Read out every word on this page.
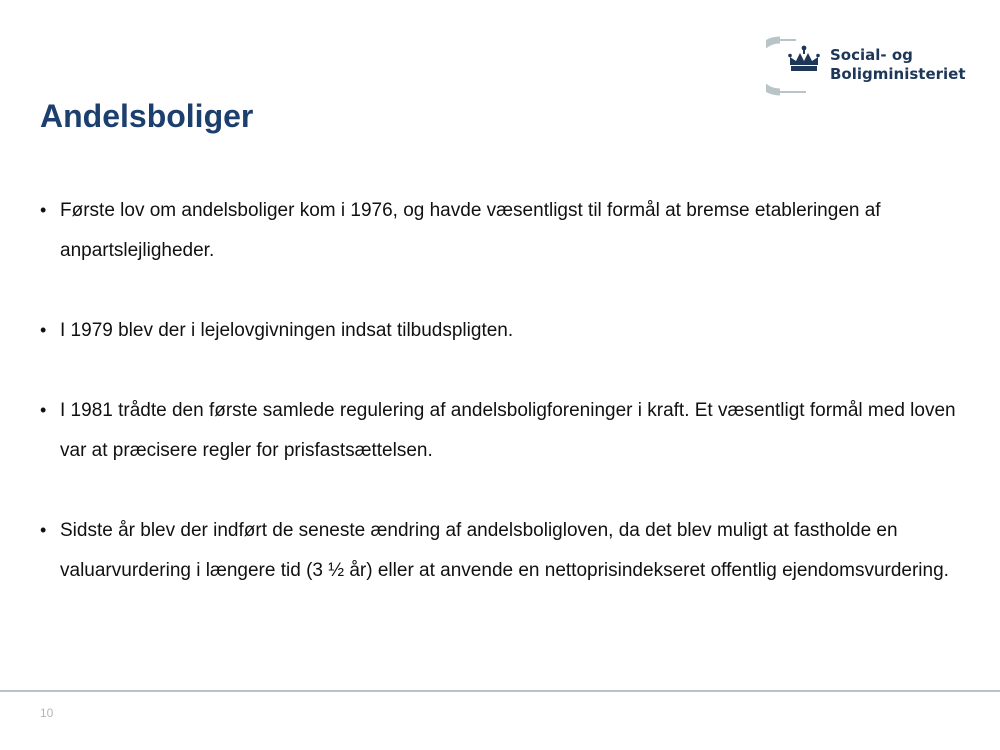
Social- og
Boligministeriet
Andelsboliger
• Første lov om andelsboliger kom i 1976, og havde væsentligst til formål at bremse etableringen af anpartslejligheder.
• I 1979 blev der i lejelovgivningen indsat tilbudspligten.
• I 1981 trådte den første samlede regulering af andelsboligforeninger i kraft. Et væsentligt formål med loven var at præcisere regler for prisfastsættelsen.
• Sidste år blev der indført de seneste ændring af andelsboligloven, da det blev muligt at fastholde en valuarvurdering i længere tid (3 ½ år) eller at anvende en nettoprisindekseret offentlig ejendomsvurdering.
10
